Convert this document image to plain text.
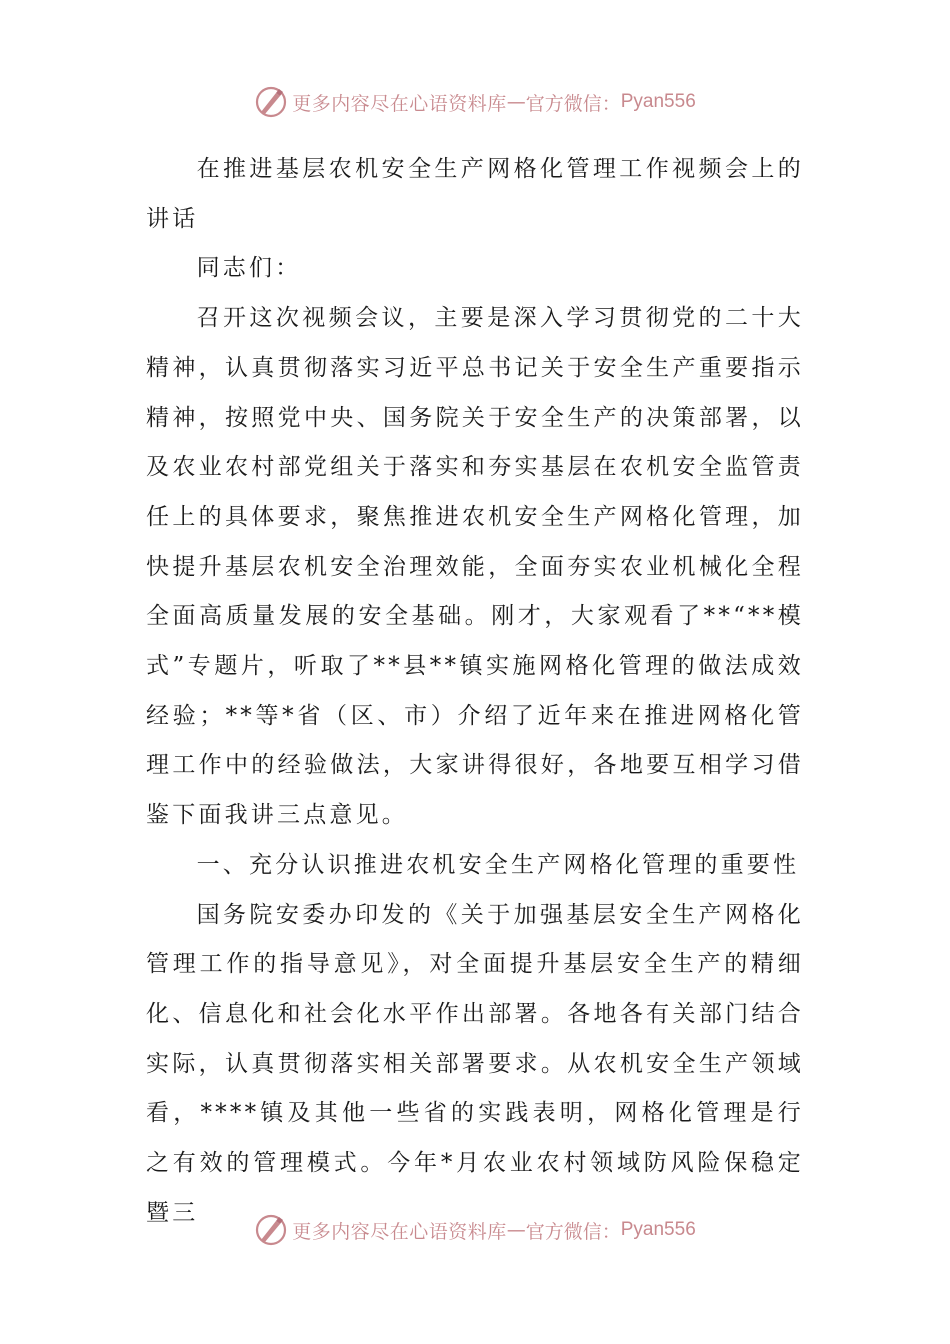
更多内容尽在心语资料库 — 官方微信： Pyan556

在推进基层农机安全生产网格化管理工作视频会上的讲话

同志们：

召开这次视频会议，主要是深入学习贯彻党的二十大精神，认真贯彻落实习近平总书记关于安全生产重要指示精神，按照党中央、国务院关于安全生产的决策部署，以及农业农村部党组关于落实和夯实基层在农机安全监管责任上的具体要求，聚焦推进农机安全生产网格化管理，加快提升基层农机安全治理效能，全面夯实农业机械化全程全面高质量发展的安全基础。刚才，大家观看了**“**模式”专题片，听取了**县**镇实施网格化管理的做法成效经验；**等*省（区、市）介绍了近年来在推进网格化管理工作中的经验做法，大家讲得很好，各地要互相学习借鉴下面我讲三点意见。

一、充分认识推进农机安全生产网格化管理的重要性

国务院安委办印发的《关于加强基层安全生产网格化管理工作的指导意见》，对全面提升基层安全生产的精细化、信息化和社会化水平作出部署。各地各有关部门结合实际，认真贯彻落实相关部署要求。从农机安全生产领域看，****镇及其他一些省的实践表明，网格化管理是行之有效的管理模式。今年*月农业农村领域防风险保稳定暨三

更多内容尽在心语资料库 — 官方微信： Pyan556
